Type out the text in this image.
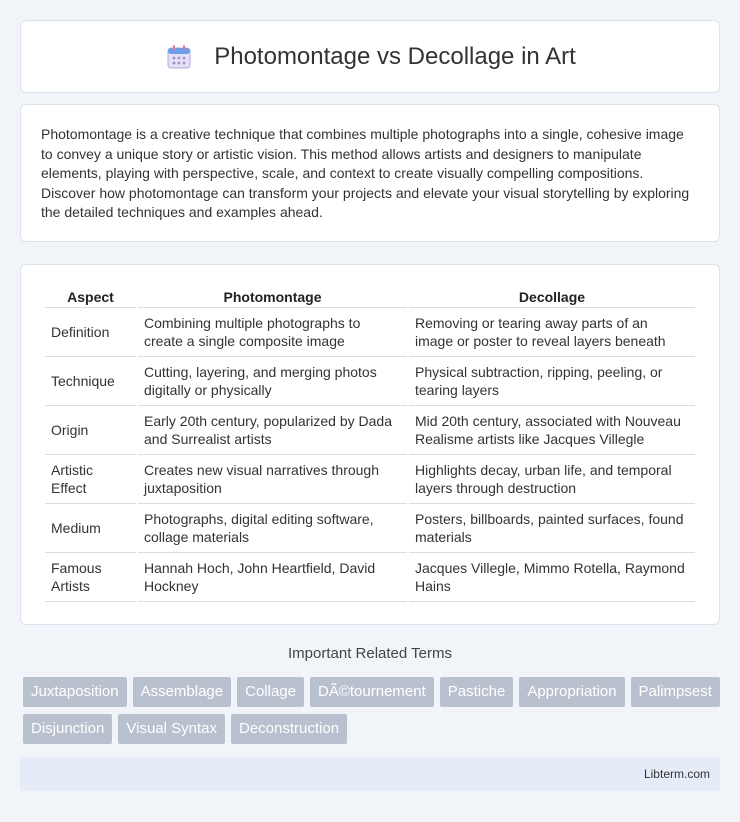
Photomontage vs Decollage in Art

Photomontage is a creative technique that combines multiple photographs into a single, cohesive image to convey a unique story or artistic vision. This method allows artists and designers to manipulate elements, playing with perspective, scale, and context to create visually compelling compositions. Discover how photomontage can transform your projects and elevate your visual storytelling by exploring the detailed techniques and examples ahead.

Aspect	Photomontage	Decollage
Definition	Combining multiple photographs to create a single composite image	Removing or tearing away parts of an image or poster to reveal layers beneath
Technique	Cutting, layering, and merging photos digitally or physically	Physical subtraction, ripping, peeling, or tearing layers
Origin	Early 20th century, popularized by Dada and Surrealist artists	Mid 20th century, associated with Nouveau Realisme artists like Jacques Villegle
Artistic Effect	Creates new visual narratives through juxtaposition	Highlights decay, urban life, and temporal layers through destruction
Medium	Photographs, digital editing software, collage materials	Posters, billboards, painted surfaces, found materials
Famous Artists	Hannah Hoch, John Heartfield, David Hockney	Jacques Villegle, Mimmo Rotella, Raymond Hains
Important Related Terms
Juxtaposition	Assemblage	Collage	DÃ©tournement	Pastiche	Appropriation	Palimpsest
Disjunction	Visual Syntax	Deconstruction
Libterm.com
